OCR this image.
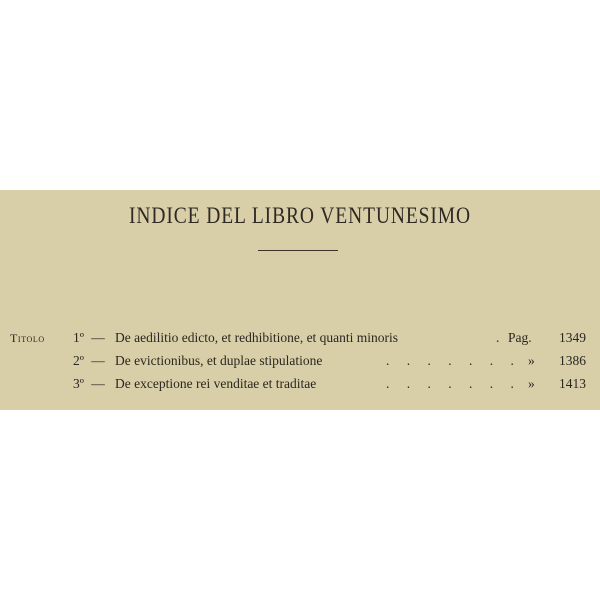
INDICE DEL LIBRO VENTUNESIMO
Titolo 1º — De aedilitio edicto, et redhibitione, et quanti minoris	. Pag.	1349
2º — De evictionibus, et duplae stipulatione	. . . . . . . »	1386
3º — De exceptione rei venditae et traditae	. . . . . . . »	1413
